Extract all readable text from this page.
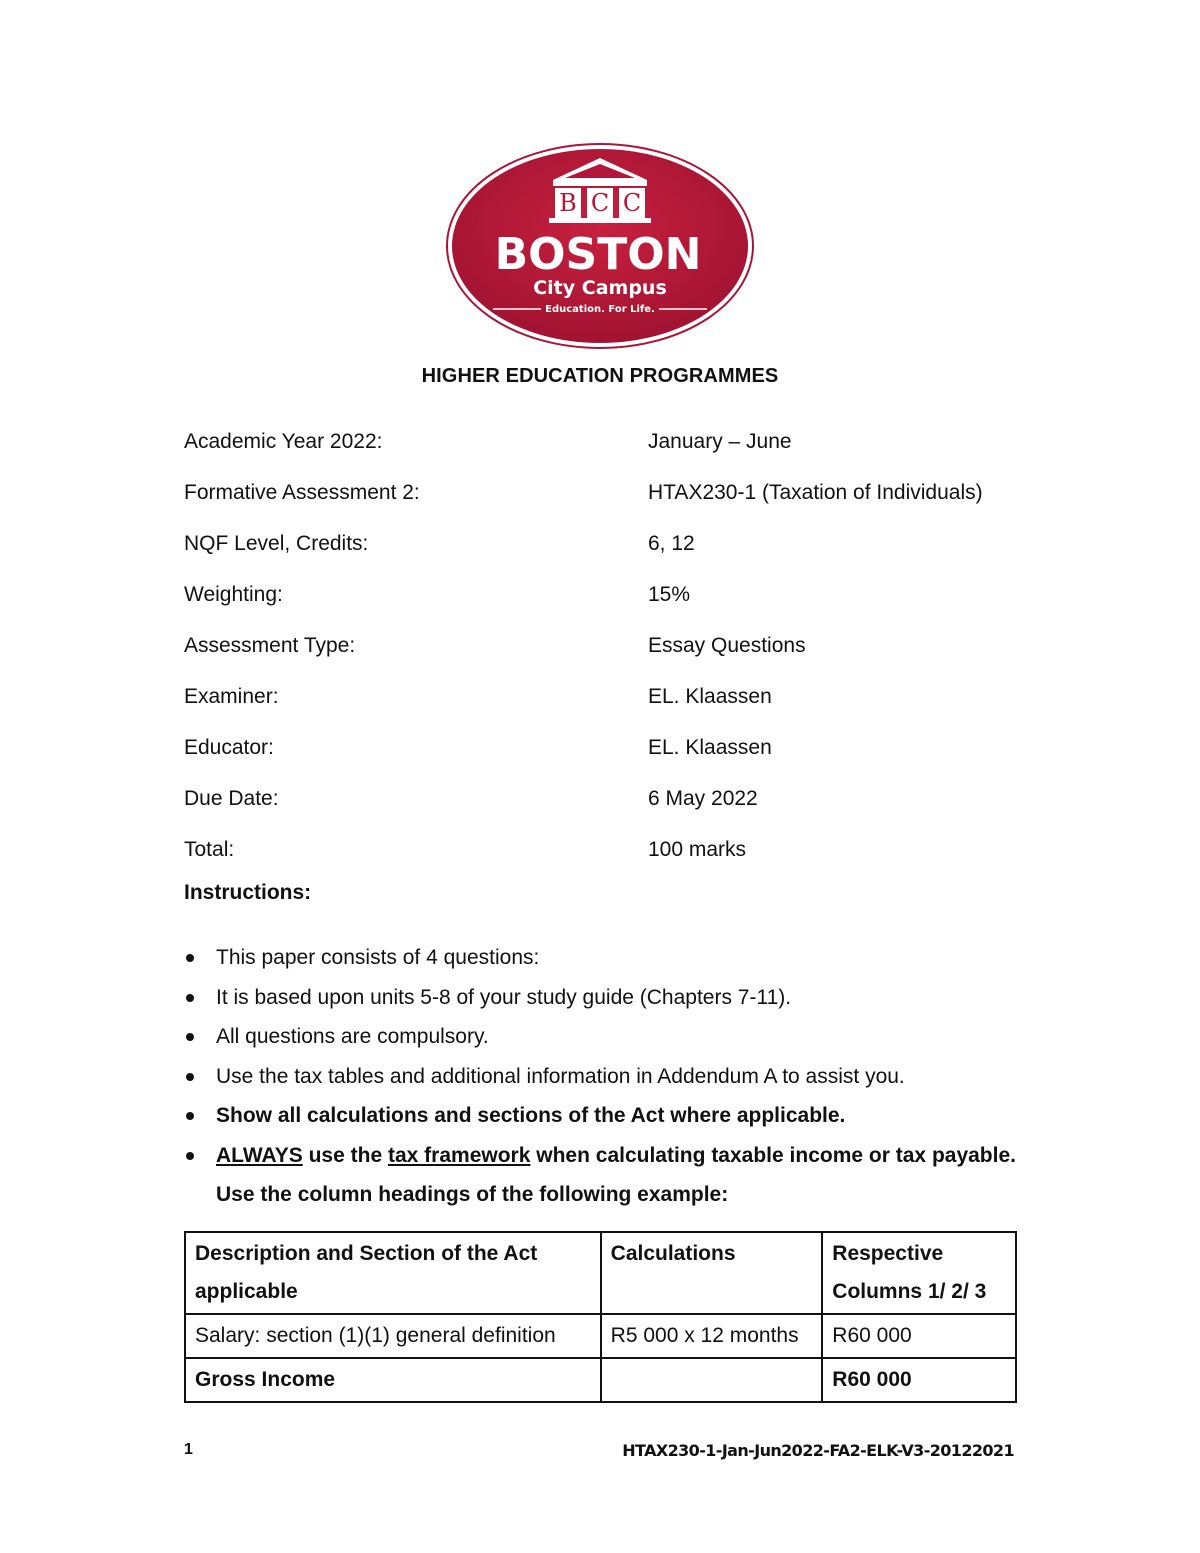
B C C
BOSTON
City Campus
Education. For Life.
HIGHER EDUCATION PROGRAMMES
Academic Year 2022:	January – June
Formative Assessment 2:	HTAX230-1 (Taxation of Individuals)
NQF Level, Credits:	6, 12
Weighting:	15%
Assessment Type:	Essay Questions
Examiner:	EL. Klaassen
Educator:	EL. Klaassen
Due Date:	6 May 2022
Total:	100 marks
Instructions:
This paper consists of 4 questions:
It is based upon units 5-8 of your study guide (Chapters 7-11).
All questions are compulsory.
Use the tax tables and additional information in Addendum A to assist you.
Show all calculations and sections of the Act where applicable.
ALWAYS use the tax framework when calculating taxable income or tax payable. Use the column headings of the following example:
Description and Section of the Act applicable	Calculations	Respective Columns 1/ 2/ 3
Salary: section (1)(1) general definition	R5 000 x 12 months	R60 000
Gross Income		R60 000
1	HTAX230-1-Jan-Jun2022-FA2-ELK-V3-20122021
